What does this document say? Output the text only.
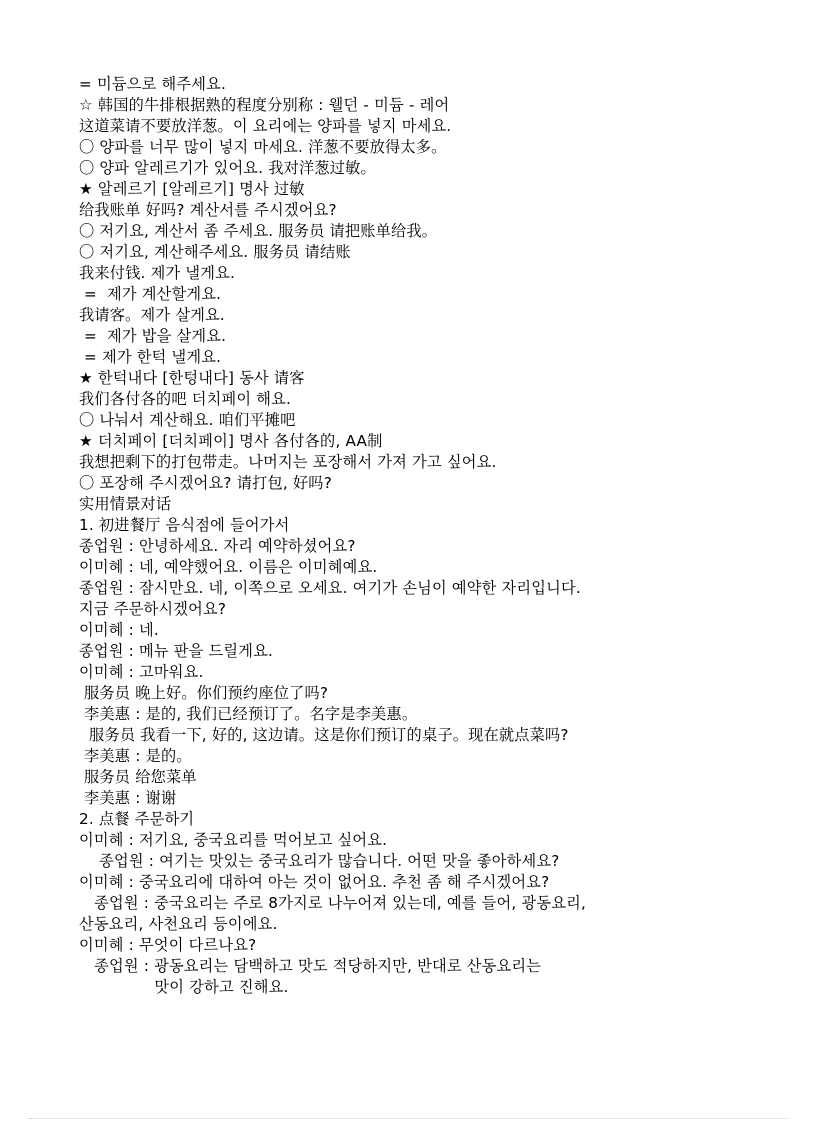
= 미듐으로 해주세요.
☆ 韩国的牛排根据熟的程度分别称 : 웰던 - 미듐 - 레어
这道菜请不要放洋葱。이 요리에는 양파를 넣지 마세요.
〇 양파를 너무 많이 넣지 마세요. 洋葱不要放得太多。
〇 양파 알레르기가 있어요. 我对洋葱过敏。
★ 알레르기 [알레르기] 명사 过敏
给我账单 好吗? 계산서를 주시겠어요?
〇 저기요, 계산서 좀 주세요. 服务员 请把账单给我。
〇 저기요, 계산해주세요. 服务员 请结账
我来付钱. 제가 낼게요.
=  제가 계산할게요.
我请客。제가 살게요.
=  제가 밥을 살게요.
= 제가 한턱 낼게요.
★ 한턱내다 [한텅내다] 동사 请客
我们各付各的吧 더치페이 해요.
〇 나눠서 계산해요. 咱们平摊吧
★ 더치페이 [더치페이] 명사 各付各的, AA制
我想把剩下的打包带走。나머지는 포장해서 가져 가고 싶어요.
〇 포장해 주시겠어요? 请打包, 好吗?
实用情景对话
1. 初进餐厅 음식점에 들어가서
종업원 : 안녕하세요. 자리 예약하셨어요?
이미혜 : 네, 예약했어요. 이름은 이미혜예요.
종업원 : 잠시만요. 네, 이쪽으로 오세요. 여기가 손님이 예약한 자리입니다.
지금 주문하시겠어요?
이미혜 : 네.
종업원 : 메뉴 판을 드릴게요.
이미혜 : 고마워요.
服务员 晚上好。你们预约座位了吗?
李美惠 : 是的, 我们已经预订了。名字是李美惠。
服务员 我看一下, 好的, 这边请。这是你们预订的桌子。现在就点菜吗?
李美惠 : 是的。
服务员 给您菜单
李美惠 : 谢谢
2. 点餐 주문하기
이미혜 : 저기요, 중국요리를 먹어보고 싶어요.
종업원 : 여기는 맛있는 중국요리가 많습니다. 어떤 맛을 좋아하세요?
이미혜 : 중국요리에 대하여 아는 것이 없어요. 추천 좀 해 주시겠어요?
종업원 : 중국요리는 주로 8가지로 나누어져 있는데, 예를 들어, 광동요리,
산동요리, 사천요리 등이에요.
이미혜 : 무엇이 다르나요?
종업원 : 광동요리는 담백하고 맛도 적당하지만, 반대로 산동요리는
맛이 강하고 진해요.
